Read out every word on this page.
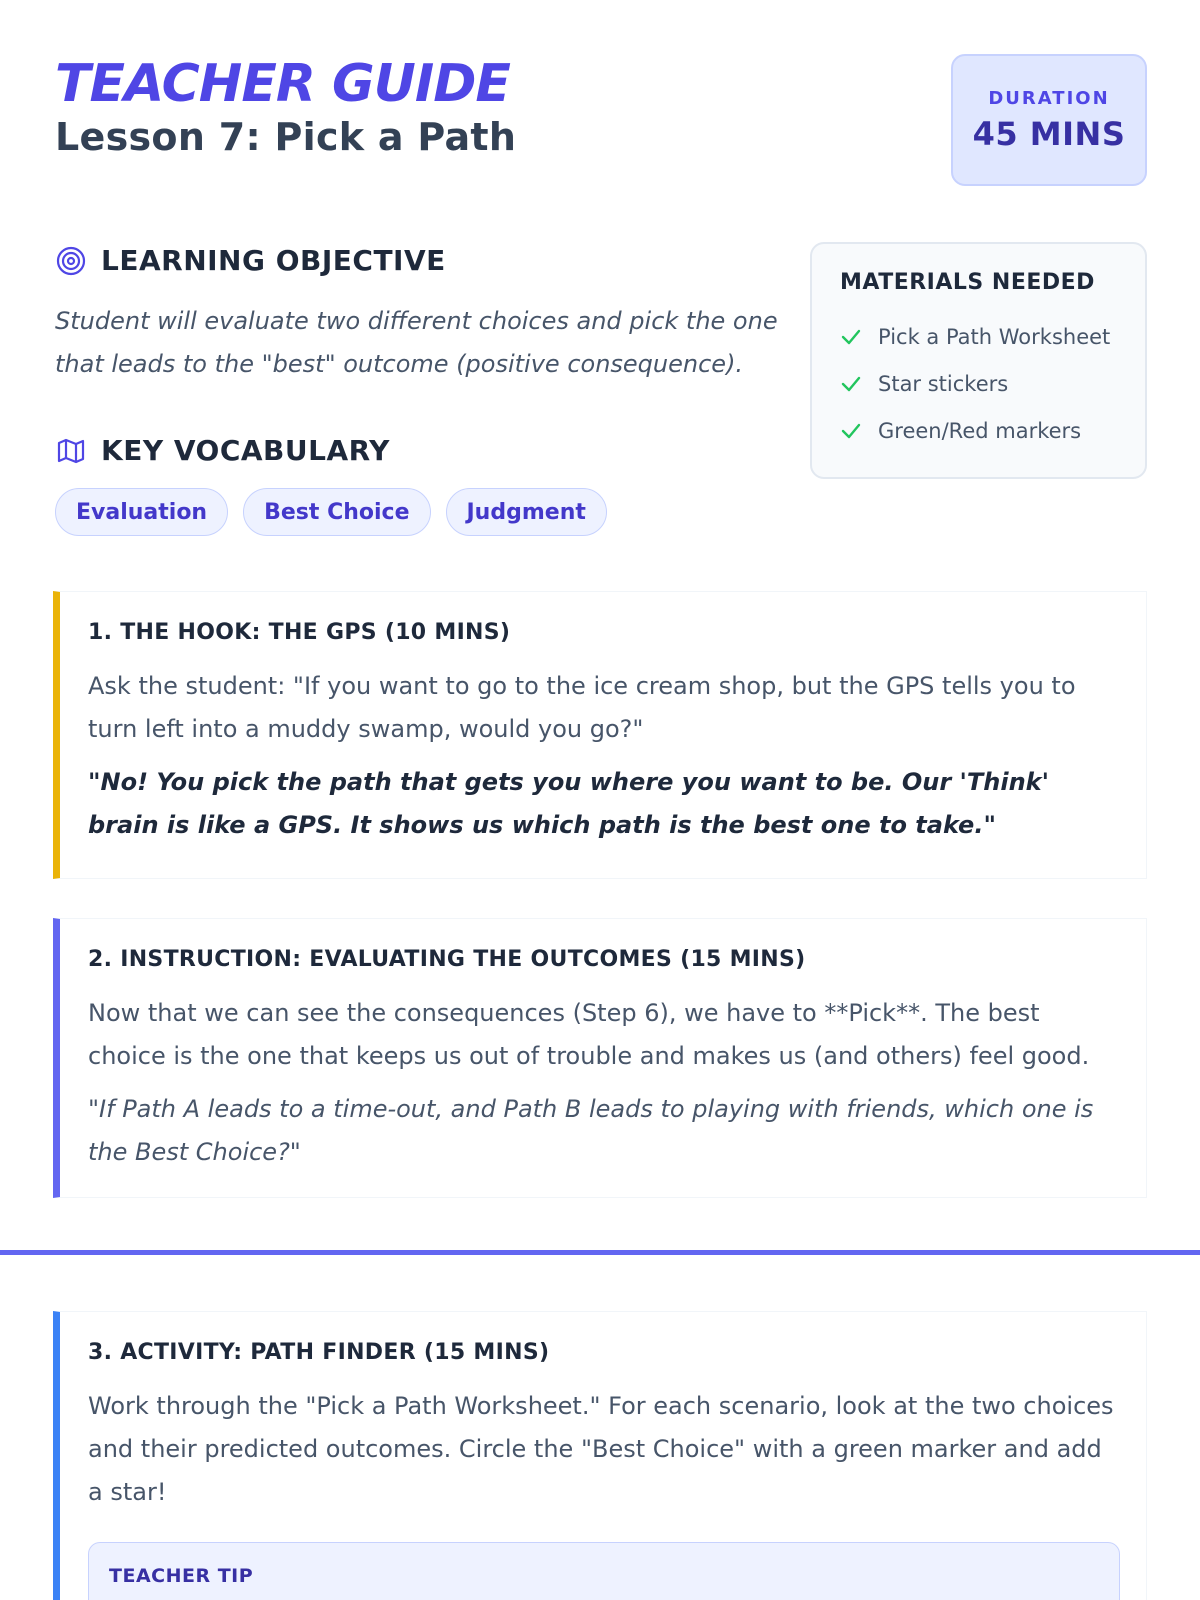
TEACHER GUIDE
Lesson 7: Pick a Path
DURATION
45 MINS
LEARNING OBJECTIVE
Student will evaluate two different choices and pick the one that leads to the "best" outcome (positive consequence).
KEY VOCABULARY
Evaluation	Best Choice	Judgment
MATERIALS NEEDED
Pick a Path Worksheet
Star stickers
Green/Red markers
1. THE HOOK: THE GPS (10 MINS)
Ask the student: "If you want to go to the ice cream shop, but the GPS tells you to turn left into a muddy swamp, would you go?"
"No! You pick the path that gets you where you want to be. Our 'Think' brain is like a GPS. It shows us which path is the best one to take."
2. INSTRUCTION: EVALUATING THE OUTCOMES (15 MINS)
Now that we can see the consequences (Step 6), we have to **Pick**. The best choice is the one that keeps us out of trouble and makes us (and others) feel good.
"If Path A leads to a time-out, and Path B leads to playing with friends, which one is the Best Choice?"
3. ACTIVITY: PATH FINDER (15 MINS)
Work through the "Pick a Path Worksheet." For each scenario, look at the two choices and their predicted outcomes. Circle the "Best Choice" with a green marker and add a star!
TEACHER TIP
